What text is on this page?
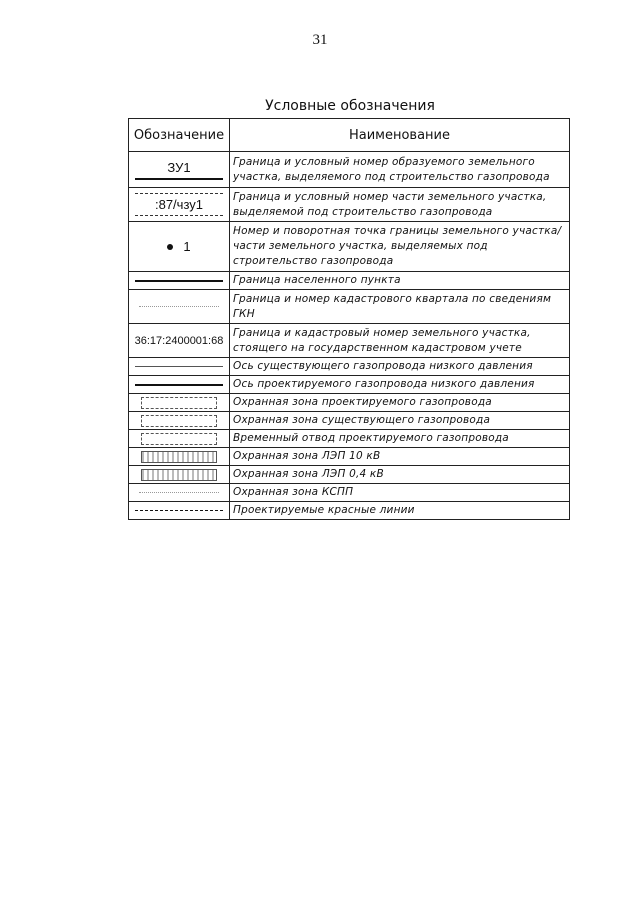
31
Условные обозначения
Обозначение	Наименование

ЗУ1	Граница и условный номер образуемого земельного участка, выделяемого под строительство газопровода

:87/чзу1	Граница и условный номер части земельного участка, выделяемой под строительство газопровода

1	Номер и поворотная точка границы земельного участка/части земельного участка, выделяемых под строительство газопровода

	Граница населенного пункта

	Граница и номер кадастрового квартала по сведениям ГКН

36:17:2400001:68	Граница и кадастровый номер земельного участка, стоящего на государственном кадастровом учете

	Ось существующего газопровода низкого давления

	Ось проектируемого газопровода низкого давления

	Охранная зона проектируемого газопровода

	Охранная зона существующего газопровода

	Временный отвод проектируемого газопровода

	Охранная зона ЛЭП 10 кВ

	Охранная зона ЛЭП 0,4 кВ

	Охранная зона КСПП

	Проектируемые красные линии
